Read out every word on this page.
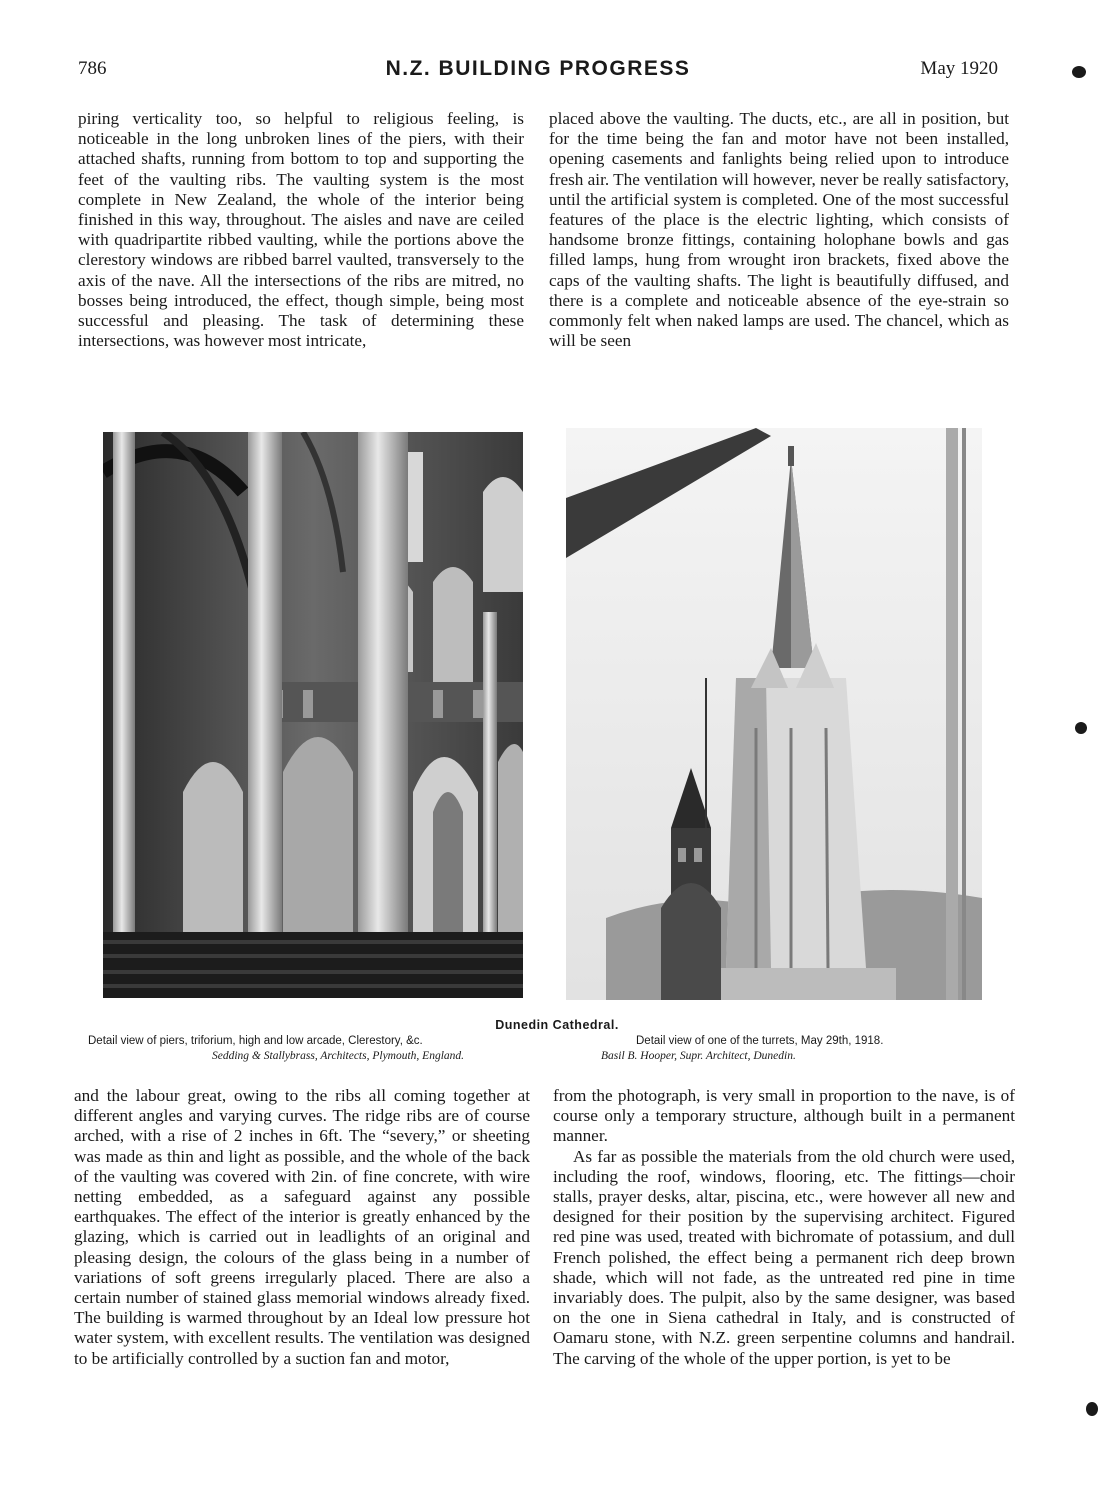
786	N.Z. BUILDING PROGRESS	May 1920

piring verticality too, so helpful to religious feeling, is noticeable in the long unbroken lines of the piers, with their attached shafts, running from bottom to top and supporting the feet of the vaulting ribs. The vaulting system is the most complete in New Zealand, the whole of the interior being finished in this way, throughout. The aisles and nave are ceiled with quadripartite ribbed vaulting, while the portions above the clerestory windows are ribbed barrel vaulted, transversely to the axis of the nave. All the intersections of the ribs are mitred, no bosses being introduced, the effect, though simple, being most successful and pleasing. The task of determining these intersections, was however most intricate,

placed above the vaulting. The ducts, etc., are all in position, but for the time being the fan and motor have not been installed, opening casements and fanlights being relied upon to introduce fresh air. The ventilation will however, never be really satisfactory, until the artificial system is completed. One of the most successful features of the place is the electric lighting, which consists of handsome bronze fittings, containing holophane bowls and gas filled lamps, hung from wrought iron brackets, fixed above the caps of the vaulting shafts. The light is beautifully diffused, and there is a complete and noticeable absence of the eye-strain so commonly felt when naked lamps are used. The chancel, which as will be seen

Dunedin Cathedral.
Detail view of piers, triforium, high and low arcade, Clerestory, &c.
Sedding & Stallybrass, Architects, Plymouth, England.
Detail view of one of the turrets, May 29th, 1918.
Basil B. Hooper, Supr. Architect, Dunedin.

and the labour great, owing to the ribs all coming together at different angles and varying curves. The ridge ribs are of course arched, with a rise of 2 inches in 6ft. The “severy,” or sheeting was made as thin and light as possible, and the whole of the back of the vaulting was covered with 2in. of fine concrete, with wire netting embedded, as a safeguard against any possible earthquakes. The effect of the interior is greatly enhanced by the glazing, which is carried out in leadlights of an original and pleasing design, the colours of the glass being in a number of variations of soft greens irregularly placed. There are also a certain number of stained glass memorial windows already fixed. The building is warmed throughout by an Ideal low pressure hot water system, with excellent results. The ventilation was designed to be artificially controlled by a suction fan and motor,

from the photograph, is very small in proportion to the nave, is of course only a temporary structure, although built in a permanent manner.

As far as possible the materials from the old church were used, including the roof, windows, flooring, etc. The fittings—choir stalls, prayer desks, altar, piscina, etc., were however all new and designed for their position by the supervising architect. Figured red pine was used, treated with bichromate of potassium, and dull French polished, the effect being a permanent rich deep brown shade, which will not fade, as the untreated red pine in time invariably does. The pulpit, also by the same designer, was based on the one in Siena cathedral in Italy, and is constructed of Oamaru stone, with N.Z. green serpentine columns and handrail. The carving of the whole of the upper portion, is yet to be
